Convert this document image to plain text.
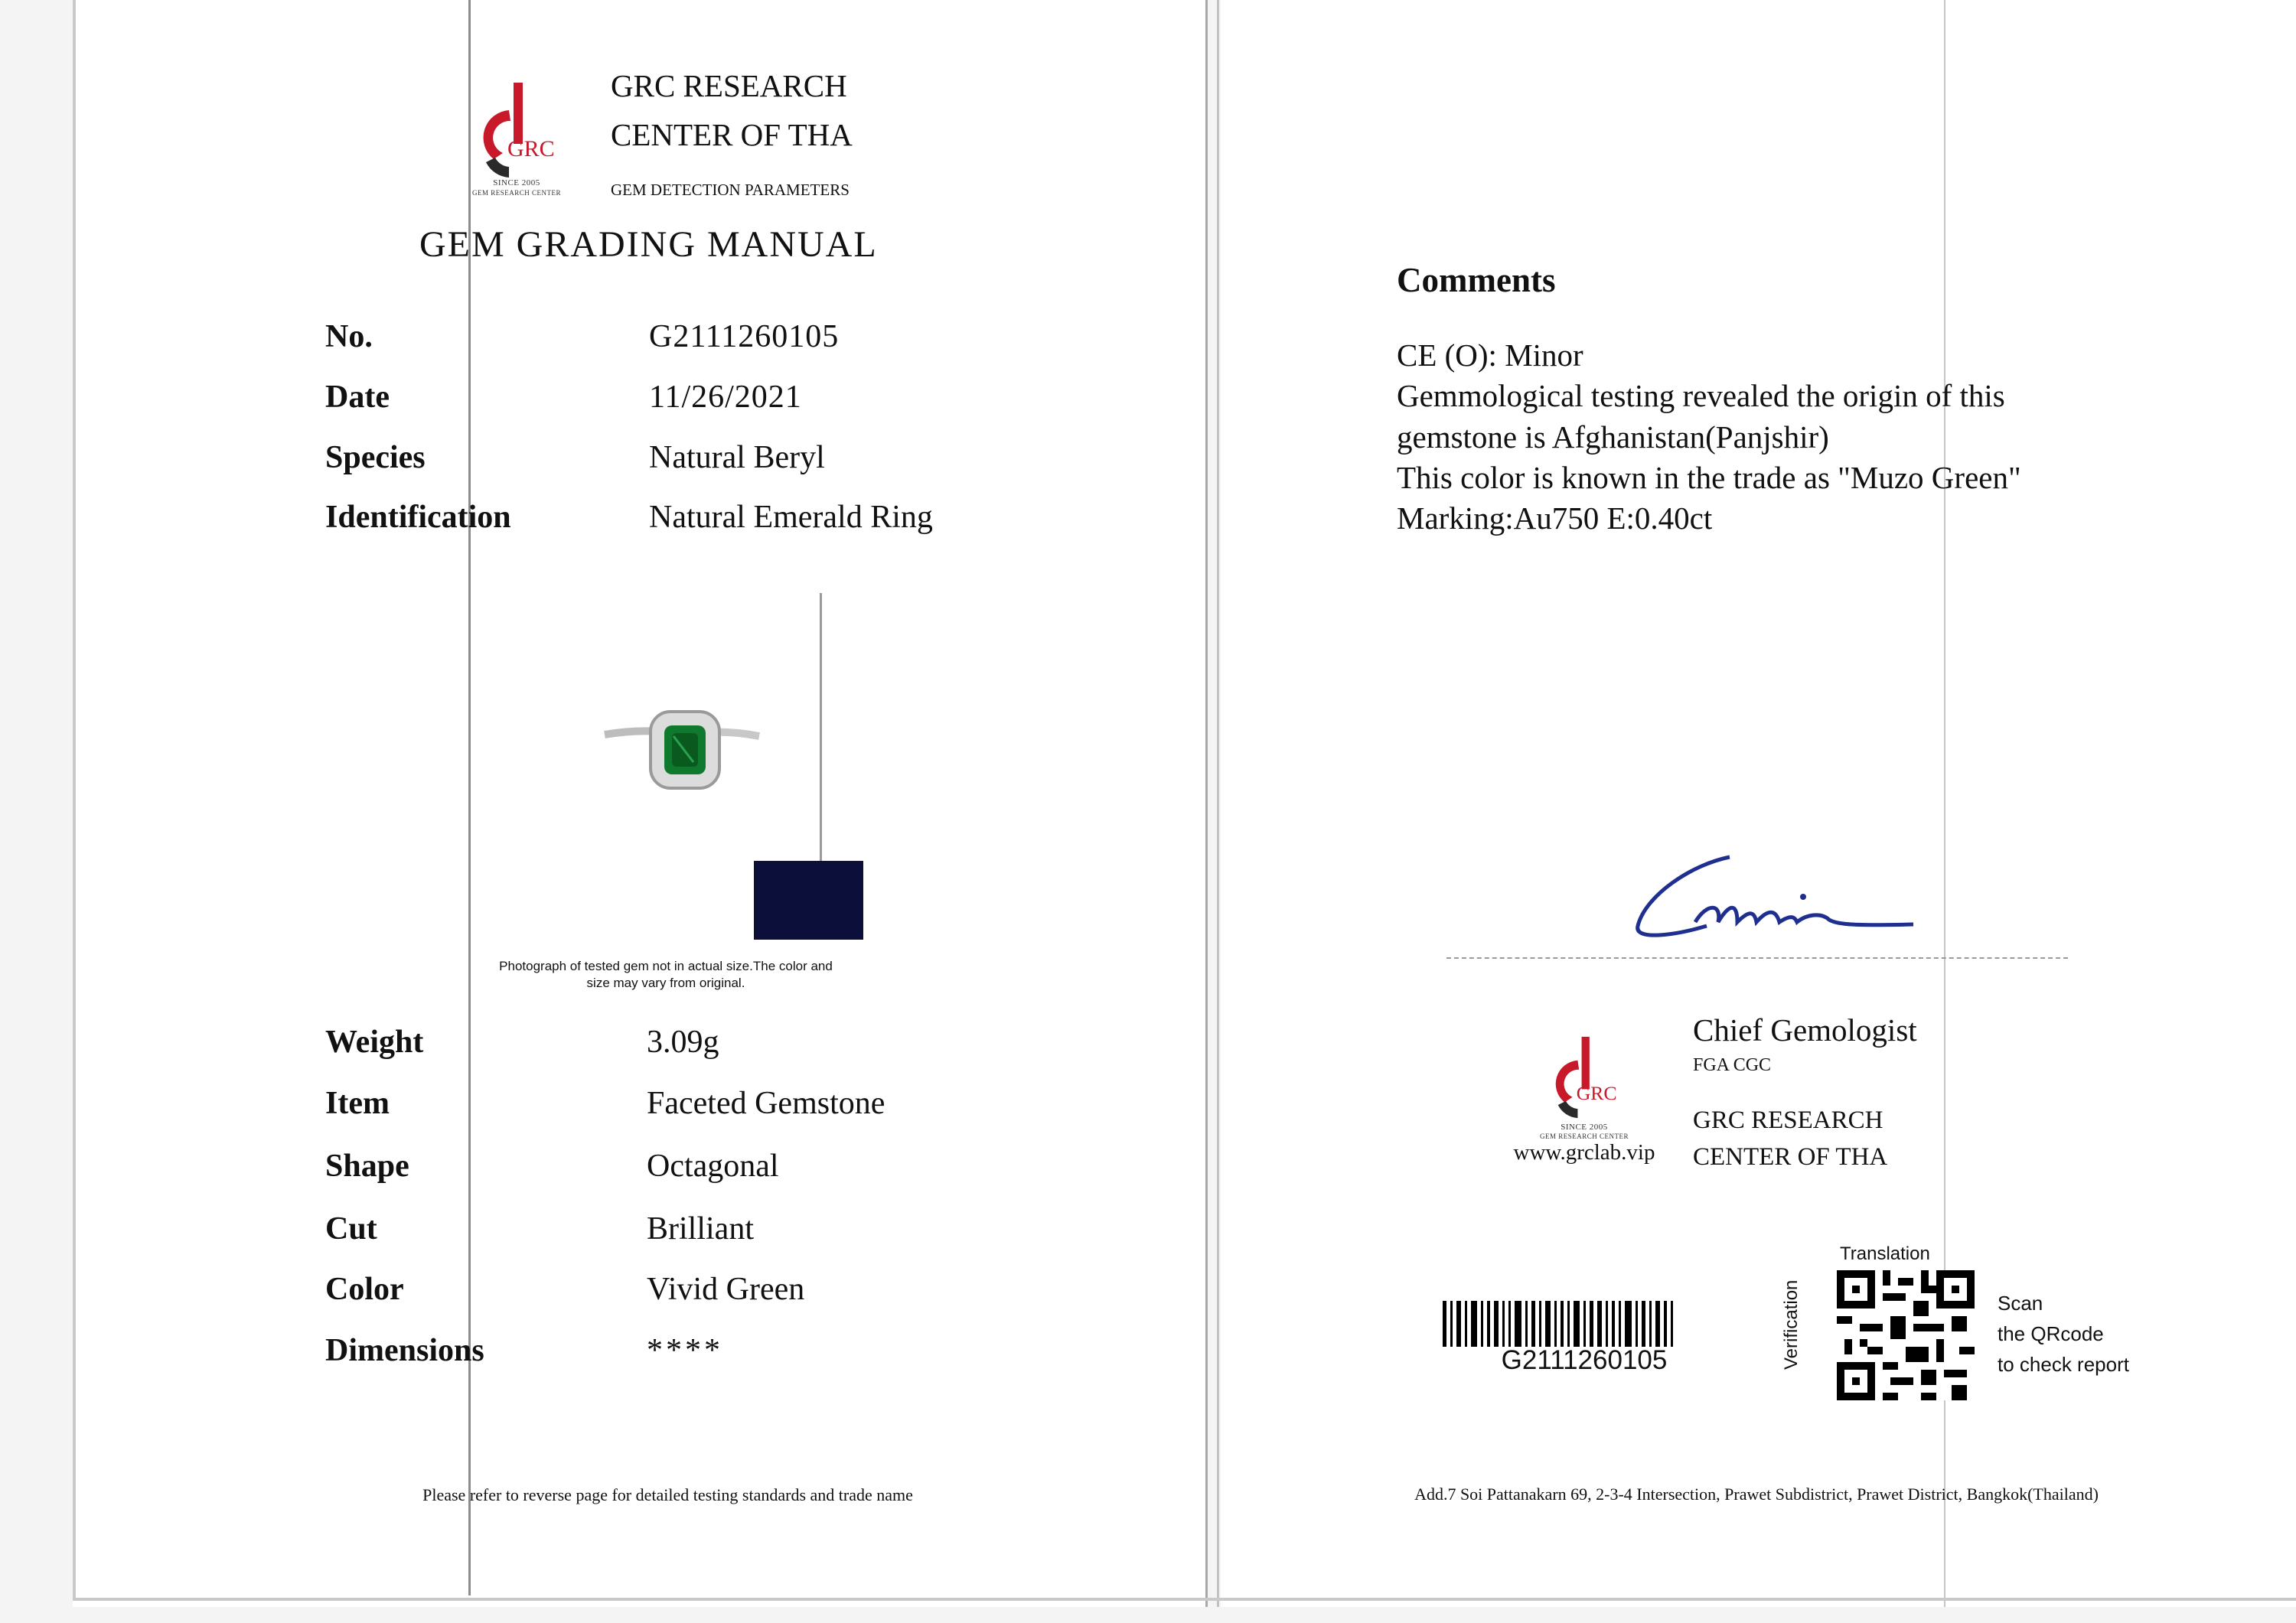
GRC
SINCE 2005
GEM RESEARCH CENTER
GRC RESEARCH
CENTER OF THA
GEM DETECTION PARAMETERS
GEM GRADING MANUAL
No.	G2111260105
Date	11/26/2021
Species	Natural Beryl
Identification	Natural Emerald Ring
Photograph of tested gem not in actual size.The color and
size may vary from original.
Weight	3.09g
Item	Faceted Gemstone
Shape	Octagonal
Cut	Brilliant
Color	Vivid Green
Dimensions	****
Please refer to reverse page for detailed testing standards and trade name
Comments
CE (O): Minor
Gemmological testing revealed the origin of this
gemstone is Afghanistan(Panjshir)
This color is known in the trade as "Muzo Green"
Marking:Au750 E:0.40ct
GRC
SINCE 2005
GEM RESEARCH CENTER
www.grclab.vip
Chief Gemologist
FGA CGC
GRC RESEARCH
CENTER OF THA
G2111260105
Translation
Verification	Scan
the QRcode
to check report
Add.7 Soi Pattanakarn 69, 2-3-4 Intersection, Prawet Subdistrict, Prawet District, Bangkok(Thailand)
